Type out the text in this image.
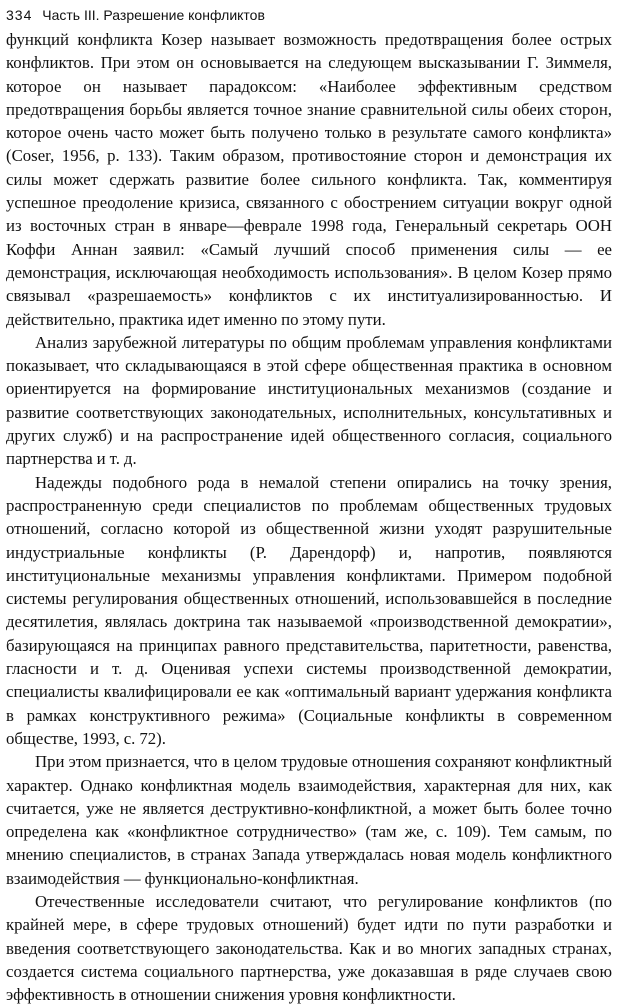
334 Часть III. Разрешение конфликтов

функций конфликта Козер называет возможность предотвращения более острых конфликтов. При этом он основывается на следующем высказывании Г. Зиммеля, которое он называет парадоксом: «Наиболее эффективным средством предотвращения борьбы является точное знание сравнительной силы обеих сторон, которое очень часто может быть получено только в результате самого конфликта» (Coser, 1956, p. 133). Таким образом, противостояние сторон и демонстрация их силы может сдержать развитие более сильного конфликта. Так, комментируя успешное преодоление кризиса, связанного с обострением ситуации вокруг одной из восточных стран в январе—феврале 1998 года, Генеральный секретарь ООН Коффи Аннан заявил: «Самый лучший способ применения силы — ее демонстрация, исключающая необходимость использования». В целом Козер прямо связывал «разрешаемость» конфликтов с их институализированностью. И действительно, практика идет именно по этому пути.

Анализ зарубежной литературы по общим проблемам управления конфликтами показывает, что складывающаяся в этой сфере общественная практика в основном ориентируется на формирование институциональных механизмов (создание и развитие соответствующих законодательных, исполнительных, консультативных и других служб) и на распространение идей общественного согласия, социального партнерства и т. д.

Надежды подобного рода в немалой степени опирались на точку зрения, распространенную среди специалистов по проблемам общественных трудовых отношений, согласно которой из общественной жизни уходят разрушительные индустриальные конфликты (Р. Дарендорф) и, напротив, появляются институциональные механизмы управления конфликтами. Примером подобной системы регулирования общественных отношений, использовавшейся в последние десятилетия, являлась доктрина так называемой «производственной демократии», базирующаяся на принципах равного представительства, паритетности, равенства, гласности и т. д. Оценивая успехи системы производственной демократии, специалисты квалифицировали ее как «оптимальный вариант удержания конфликта в рамках конструктивного режима» (Социальные конфликты в современном обществе, 1993, с. 72).

При этом признается, что в целом трудовые отношения сохраняют конфликтный характер. Однако конфликтная модель взаимодействия, характерная для них, как считается, уже не является деструктивно-конфликтной, а может быть более точно определена как «конфликтное сотрудничество» (там же, с. 109). Тем самым, по мнению специалистов, в странах Запада утверждалась новая модель конфликтного взаимодействия — функционально-конфликтная.

Отечественные исследователи считают, что регулирование конфликтов (по крайней мере, в сфере трудовых отношений) будет идти по пути разработки и введения соответствующего законодательства. Как и во многих западных странах, создается система социального партнерства, уже доказавшая в ряде случаев свою эффективность в отношении снижения уровня конфликтности.
